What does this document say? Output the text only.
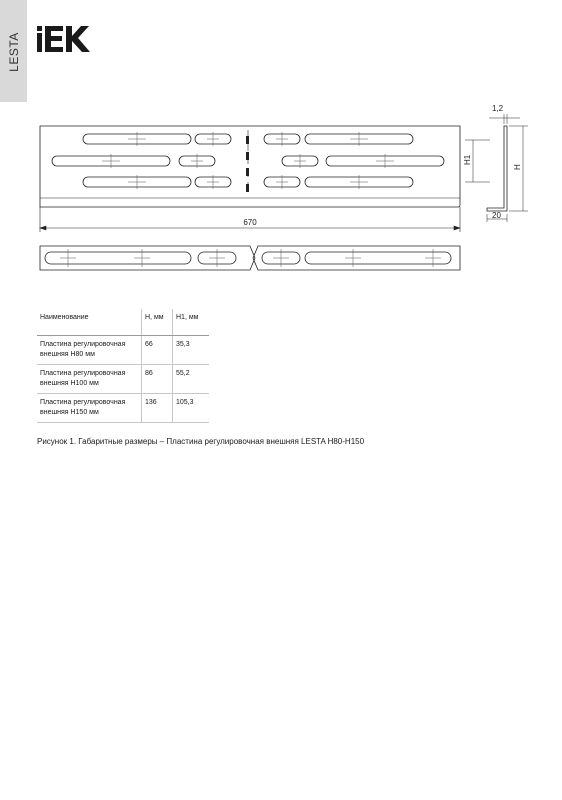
LESTA
670
1,2
H1
H
20
Наименование	H, мм	H1, мм
Пластина регулировочная внешняя H80 мм	66	35,3
Пластина регулировочная внешняя H100 мм	86	55,2
Пластина регулировочная внешняя H150 мм	136	105,3
Рисунок 1. Габаритные размеры – Пластина регулировочная внешняя LESTA H80-H150
